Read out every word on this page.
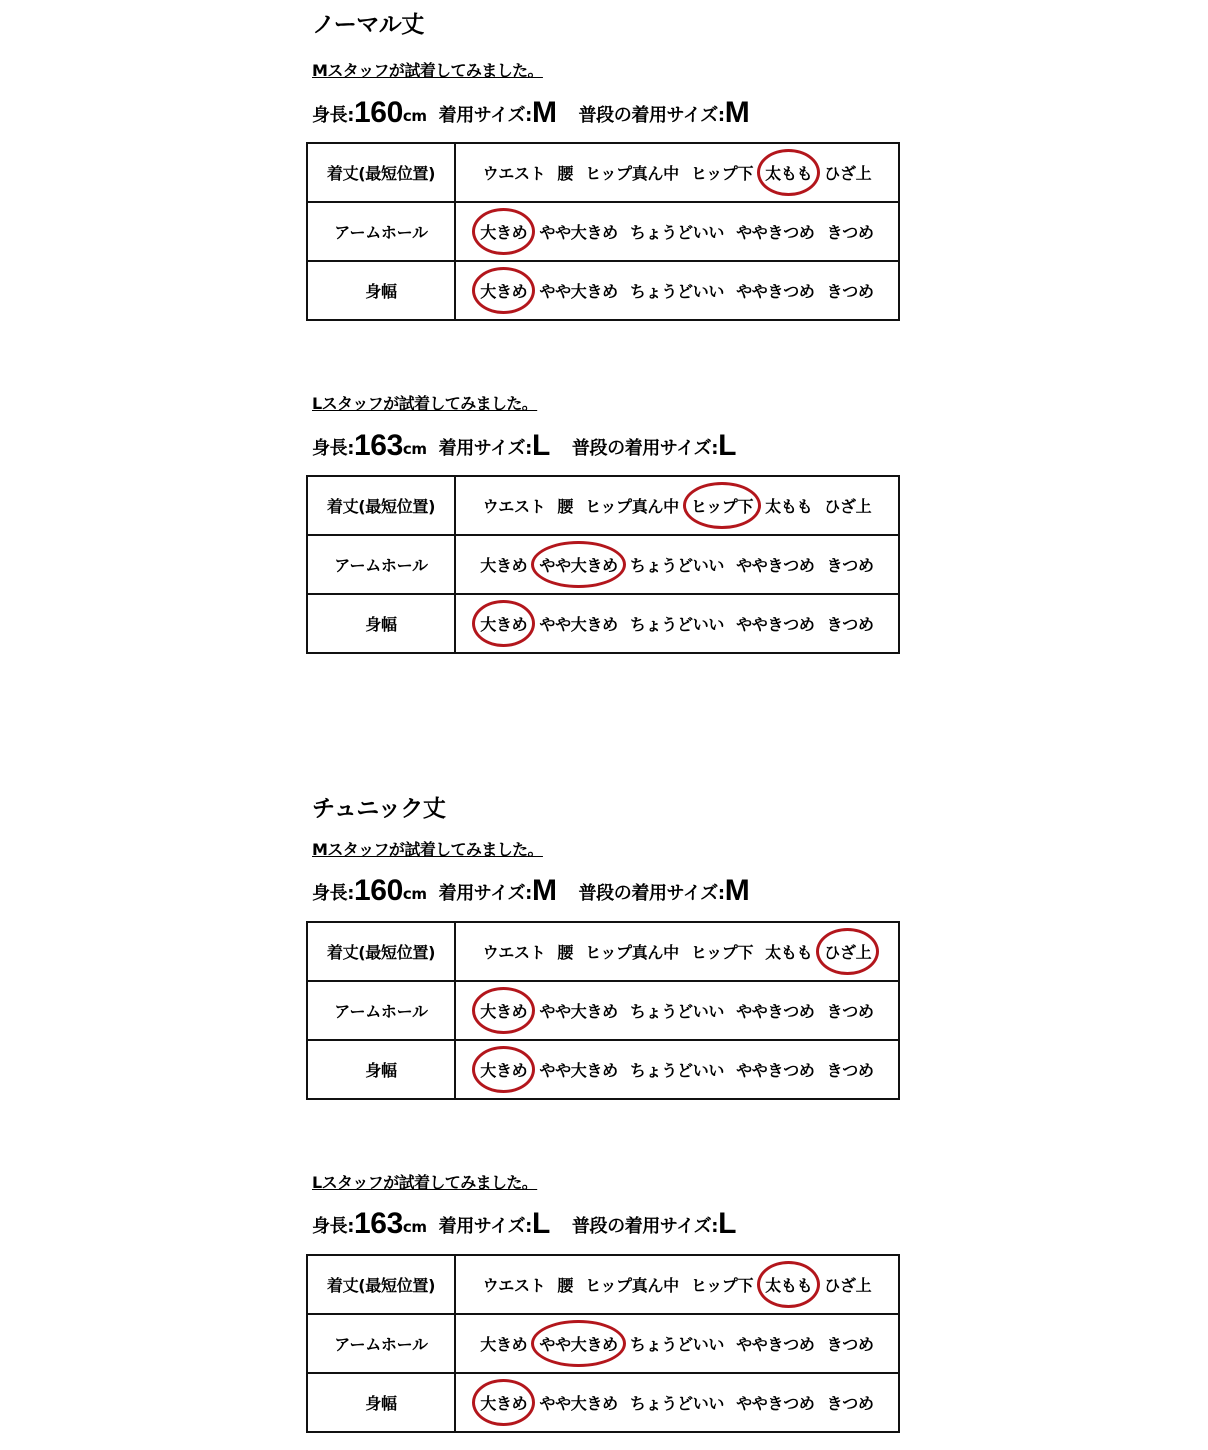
ノーマル丈
Mスタッフが試着してみました。
身長:160cm 着用サイズ:M 普段の着用サイズ:M
着丈(最短位置)	ウエスト 腰 ヒップ真ん中 ヒップ下 太もも ひざ上
アームホール	大きめ やや大きめ ちょうどいい ややきつめ きつめ
身幅	大きめ やや大きめ ちょうどいい ややきつめ きつめ
Lスタッフが試着してみました。
身長:163cm 着用サイズ:L 普段の着用サイズ:L
着丈(最短位置)	ウエスト 腰 ヒップ真ん中 ヒップ下 太もも ひざ上
アームホール	大きめ やや大きめ ちょうどいい ややきつめ きつめ
身幅	大きめ やや大きめ ちょうどいい ややきつめ きつめ
チュニック丈
Mスタッフが試着してみました。
身長:160cm 着用サイズ:M 普段の着用サイズ:M
着丈(最短位置)	ウエスト 腰 ヒップ真ん中 ヒップ下 太もも ひざ上
アームホール	大きめ やや大きめ ちょうどいい ややきつめ きつめ
身幅	大きめ やや大きめ ちょうどいい ややきつめ きつめ
Lスタッフが試着してみました。
身長:163cm 着用サイズ:L 普段の着用サイズ:L
着丈(最短位置)	ウエスト 腰 ヒップ真ん中 ヒップ下 太もも ひざ上
アームホール	大きめ やや大きめ ちょうどいい ややきつめ きつめ
身幅	大きめ やや大きめ ちょうどいい ややきつめ きつめ
